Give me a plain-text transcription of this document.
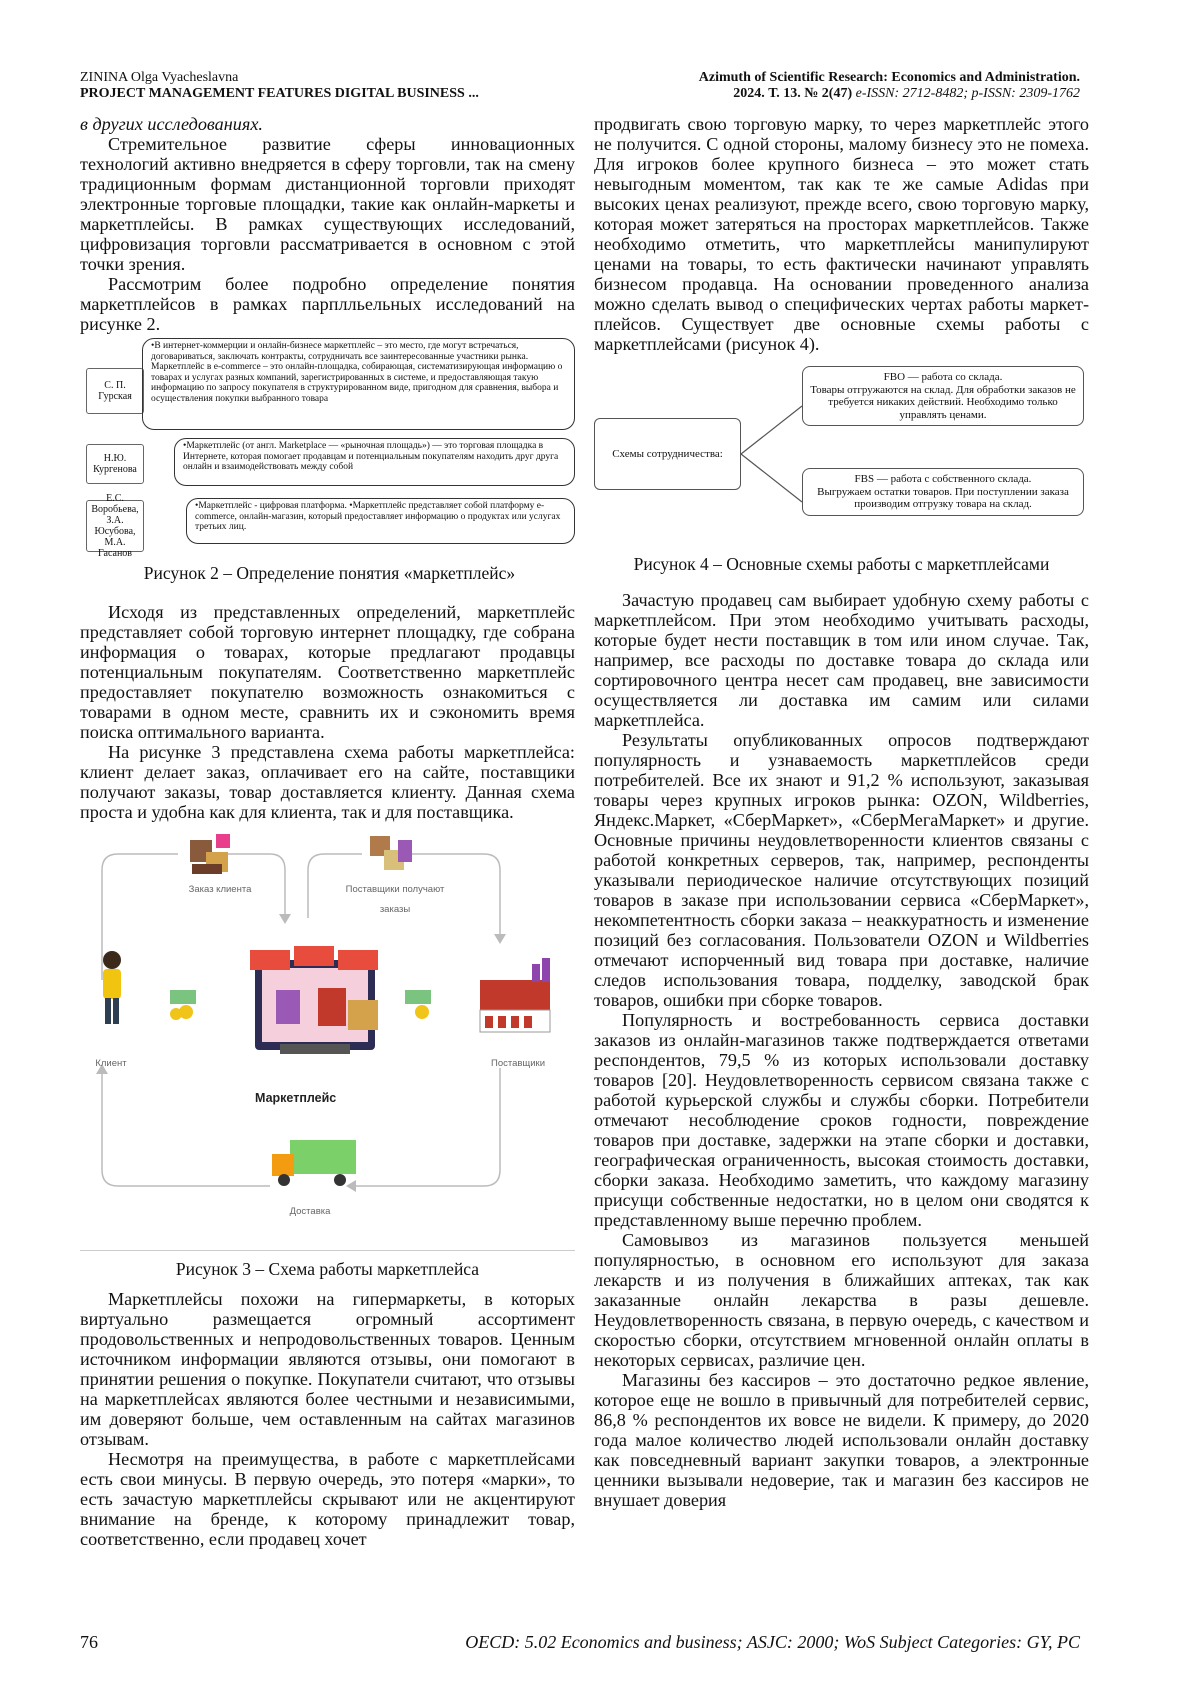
ZININA Olga Vyacheslavna
PROJECT MANAGEMENT FEATURES DIGITAL BUSINESS ...
Azimuth of Scientific Research: Economics and Administration.
2024. Т. 13. № 2(47) e-ISSN: 2712-8482; p-ISSN: 2309-1762

в других исследованиях.

Стремительное развитие сферы инновационных технологий активно внедряется в сферу торговли, так на смену традиционным формам дистанционной торговли приходят электронные торговые площадки, такие как онлайн-маркеты и маркетплейсы. В рамках существующих исследований, цифровизация торговли рассматривается в основном с этой точки зрения.

Рассмотрим более подробно определение понятия маркетплейсов в рамках парплльельных исследований на рисунке 2.

С. П. Гурская
•В интернет-коммерции и онлайн-бизнесе маркетплейс – это место, где могут встречаться, договариваться, заключать контракты, сотрудничать все заинтересованные участники рынка. Маркетплейс в e-commerce – это онлайн-площадка, собирающая, систематизирующая информацию о товарах и услугах разных компаний, зарегистрированных в системе, и предоставляющая такую информацию по запросу покупателя в структурированном виде, пригодном для сравнения, выбора и осуществления покупки выбранного товара
Н.Ю. Кургенова
•Маркетплейс (от англ. Marketplace — «рыночная площадь») — это торговая площадка в Интернете, которая помогает продавцам и потенциальным покупателям находить друг друга онлайн и взаимодействовать между собой
Е.С. Воробьева, З.А. Юсубова, М.А. Гасанов
•Маркетплейс - цифровая платформа. •Маркетплейс представляет собой платформу e-commerce, онлайн-магазин, который предоставляет информацию о продуктах или услугах третьих лиц.
Рисунок 2 – Определение понятия «маркетплейс»

Исходя из представленных определений, маркетплейс представляет собой торговую интернет площадку, где собрана информация о товарах, которые предлагают продавцы потенциальным покупателям. Соответственно маркетплейс предоставляет покупателю возможность ознакомиться с товарами в одном месте, сравнить их и сэкономить время поиска оптимального варианта.

На рисунке 3 представлена схема работы маркетплейса: клиент делает заказ, оплачивает его на сайте, поставщики получают заказы, товар доставляется клиенту. Данная схема проста и удобна как для клиента, так и для поставщика.

Заказ клиента	Поставщики получают заказы
Клиент	Поставщики
Маркетплейс
Доставка

Рисунок 3 – Схема работы маркетплейса

Маркетплейсы похожи на гипермаркеты, в которых виртуально размещается огромный ассортимент продовольственных и непродовольственных товаров. Ценным источником информации являются отзывы, они помогают в принятии решения о покупке. Покупатели считают, что отзывы на маркетплейсах являются более честными и независимыми, им доверяют больше, чем оставленным на сайтах магазинов отзывам.

Несмотря на преимущества, в работе с маркетплейсами есть свои минусы. В первую очередь, это потеря «марки», то есть зачастую маркетплейсы скрывают или не акцентируют внимание на бренде, к которому принадлежит товар, соответственно, если продавец хочет

продвигать свою торговую марку, то через маркетплейс этого не получится. С одной стороны, малому бизнесу это не помеха. Для игроков более крупного бизнеса – это может стать невыгодным моментом, так как те же самые Adidas при высоких ценах реализуют, прежде всего, свою торговую марку, которая может затеряться на просторах маркетплейсов. Также необходимо отметить, что маркетплейсы манипулируют ценами на товары, то есть фактически начинают управлять бизнесом продавца. На основании проведенного анализа можно сделать вывод о специфических чертах работы маркет-плейсов. Существует две основные схемы работы с маркетплейсами (рисунок 4).

Схемы сотрудничества:
FBO — работа со склада.
Товары отгружаются на склад. Для обработки заказов не требуется никаких действий. Необходимо только управлять ценами.
FBS — работа с собственного склада.
Выгружаем остатки товаров. При поступлении заказа производим отгрузку товара на склад.

Рисунок 4 – Основные схемы работы с маркетплейсами

Зачастую продавец сам выбирает удобную схему работы с маркетплейсом. При этом необходимо учитывать расходы, которые будет нести поставщик в том или ином случае. Так, например, все расходы по доставке товара до склада или сортировочного центра несет сам продавец, вне зависимости осуществляется ли доставка им самим или силами маркетплейса.

Результаты опубликованных опросов подтверждают популярность и узнаваемость маркетплейсов среди потребителей. Все их знают и 91,2 % используют, заказывая товары через крупных игроков рынка: OZON, Wildberries, Яндекс.Маркет, «СберМаркет», «СберМегаМаркет» и другие. Основные причины неудовлетворенности клиентов связаны с работой конкретных серверов, так, например, респонденты указывали периодическое наличие отсутствующих позиций товаров в заказе при использовании сервиса «СберМаркет», некомпетентность сборки заказа – неаккуратность и изменение позиций без согласования. Пользователи OZON и Wildberries отмечают испорченный вид товара при доставке, наличие следов использования товара, подделку, заводской брак товаров, ошибки при сборке товаров.

Популярность и востребованность сервиса доставки заказов из онлайн-магазинов также подтверждается ответами респондентов, 79,5 % из которых использовали доставку товаров [20]. Неудовлетворенность сервисом связана также с работой курьерской службы и службы сборки. Потребители отмечают несоблюдение сроков годности, повреждение товаров при доставке, задержки на этапе сборки и доставки, географическая ограниченность, высокая стоимость доставки, сборки заказа. Необходимо заметить, что каждому магазину присущи собственные недостатки, но в целом они сводятся к представленному выше перечню проблем.

Самовывоз из магазинов пользуется меньшей популярностью, в основном его используют для заказа лекарств и из получения в ближайших аптеках, так как заказанные онлайн лекарства в разы дешевле. Неудовлетворенность связана, в первую очередь, с качеством и скоростью сборки, отсутствием мгновенной онлайн оплаты в некоторых сервисах, различие цен.

Магазины без кассиров – это достаточно редкое явление, которое еще не вошло в привычный для потребителей сервис, 86,8 % респондентов их вовсе не видели. К примеру, до 2020 года малое количество людей использовали онлайн доставку как повседневный вариант закупки товаров, а электронные ценники вызывали недоверие, так и магазин без кассиров не внушает доверия

76	OECD: 5.02 Economics and business; ASJC: 2000; WoS Subject Categories: GY, PC
